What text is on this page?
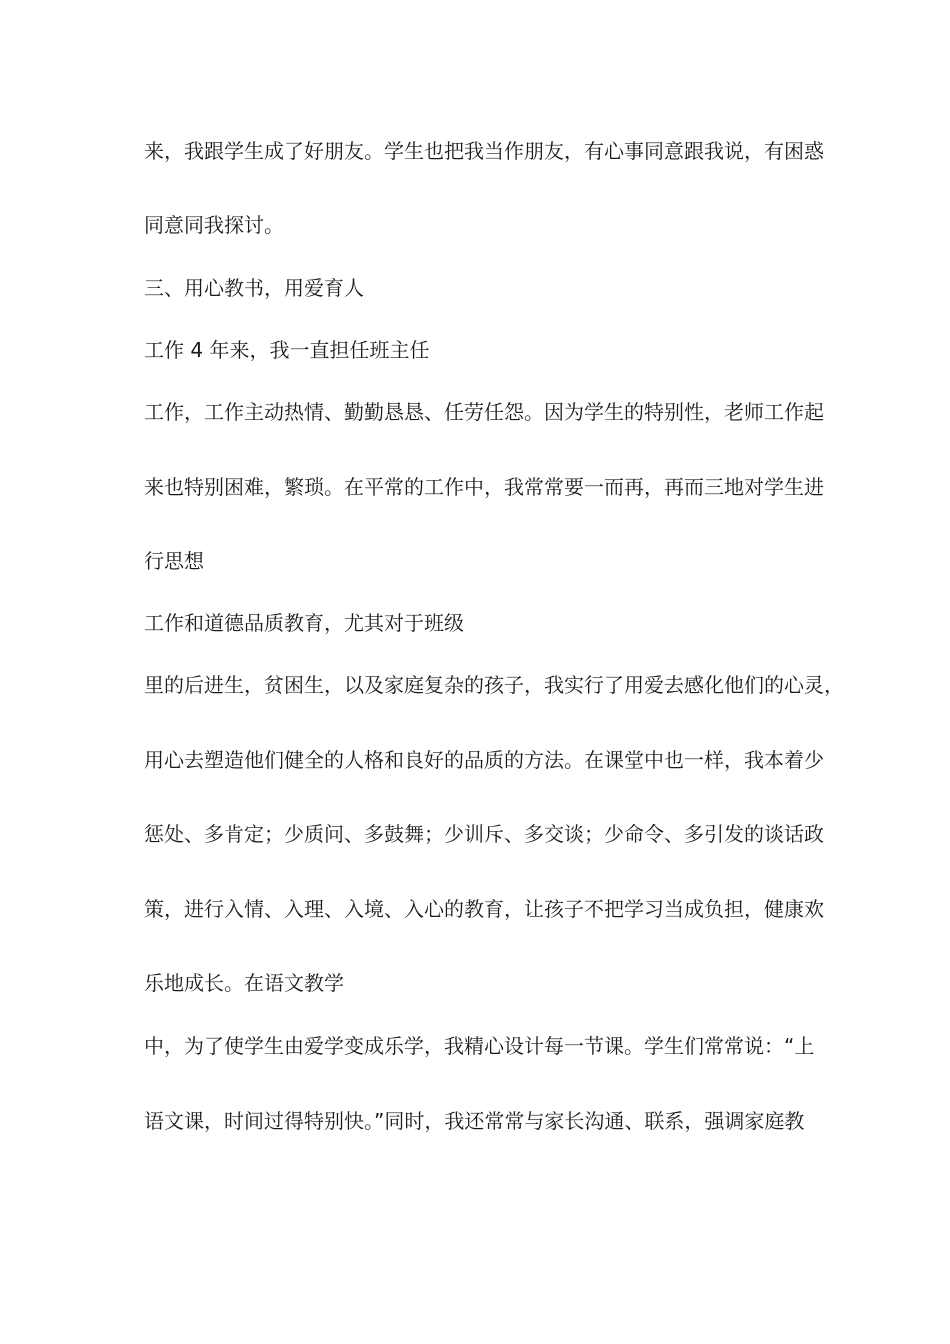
来，我跟学生成了好朋友。学生也把我当作朋友，有心事同意跟我说，有困惑
同意同我探讨。
三、用心教书，用爱育人
工作 4 年来，我一直担任班主任
工作，工作主动热情、勤勤恳恳、任劳任怨。因为学生的特别性，老师工作起
来也特别困难，繁琐。在平常的工作中，我常常要一而再，再而三地对学生进
行思想
工作和道德品质教育，尤其对于班级
里的后进生，贫困生，以及家庭复杂的孩子，我实行了用爱去感化他们的心灵，
用心去塑造他们健全的人格和良好的品质的方法。在课堂中也一样，我本着少
惩处、多肯定；少质问、多鼓舞；少训斥、多交谈；少命令、多引发的谈话政
策，进行入情、入理、入境、入心的教育，让孩子不把学习当成负担，健康欢
乐地成长。在语文教学
中，为了使学生由爱学变成乐学，我精心设计每一节课。学生们常常说：“上
语文课，时间过得特别快。”同时，我还常常与家长沟通、联系，强调家庭教
